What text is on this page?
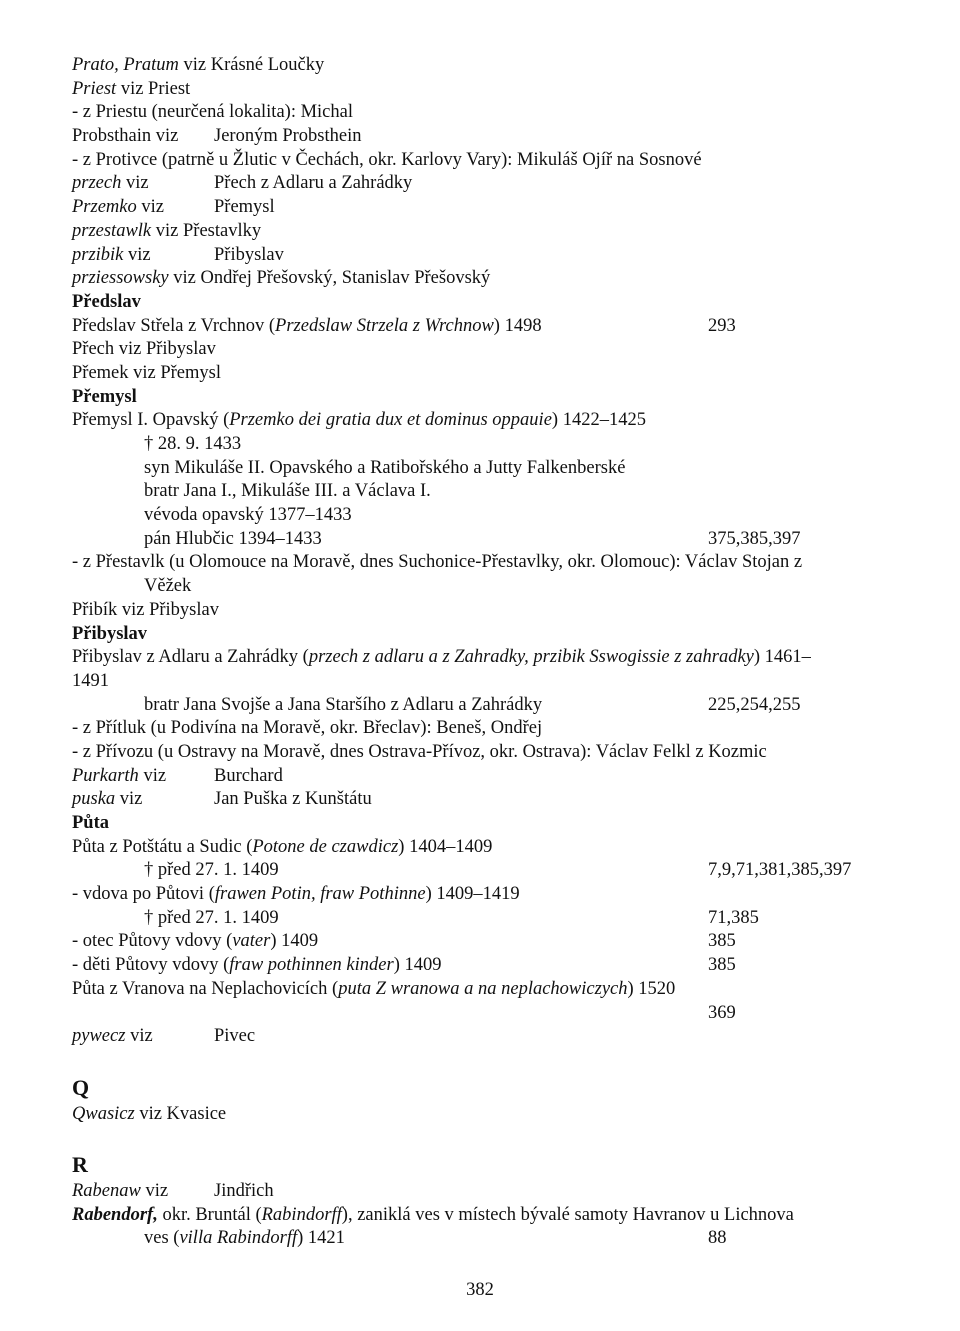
Prato, Pratum viz Krásné Loučky
Priest viz Priest
- z Priestu (neurčená lokalita): Michal
Probsthain viz Jeroným Probsthein
- z Protivce (patrně u Žlutic v Čechách, okr. Karlovy Vary): Mikuláš Ojíř na Sosnové
przech viz	Přech z Adlaru a Zahrádky
Przemko viz	Přemysl
przestawlk viz Přestavlky
przibik viz	Přibyslav
prziessowsky viz Ondřej Přešovský, Stanislav Přešovský
Předslav
Předslav Střela z Vrchnov (Przedslaw Strzela z Wrchnow) 1498	293
Přech viz Přibyslav
Přemek viz Přemysl
Přemysl
Přemysl I. Opavský (Przemko dei gratia dux et dominus oppauie) 1422–1425
† 28. 9. 1433
syn Mikuláše II. Opavského a Ratibořského a Jutty Falkenberské
bratr Jana I., Mikuláše III. a Václava I.
vévoda opavský 1377–1433
pán Hlubčic 1394–1433	375,385,397
- z Přestavlk (u Olomouce na Moravě, dnes Suchonice-Přestavlky, okr. Olomouc): Václav Stojan z
Věžek
Přibík viz Přibyslav
Přibyslav
Přibyslav z Adlaru a Zahrádky (przech z adlaru a z Zahradky, przibik Sswogissie z zahradky) 1461–
1491
bratr Jana Svojše a Jana Staršího z Adlaru a Zahrádky	225,254,255
- z Přítluk (u Podivína na Moravě, okr. Břeclav): Beneš, Ondřej
- z Přívozu (u Ostravy na Moravě, dnes Ostrava-Přívoz, okr. Ostrava): Václav Felkl z Kozmic
Purkarth viz	Burchard
puska viz	Jan Puška z Kunštátu
Půta
Půta z Potštátu a Sudic (Potone de czawdicz) 1404–1409
† před 27. 1. 1409	7,9,71,381,385,397
- vdova po Půtovi (frawen Potin, fraw Pothinne) 1409–1419
† před 27. 1. 1409	71,385
- otec Půtovy vdovy (vater) 1409	385
- děti Půtovy vdovy (fraw pothinnen kinder) 1409	385
Půta z Vranova na Neplachovicích (puta Z wranowa a na neplachowiczych) 1520
369
pywecz viz	Pivec
Q
Qwasicz viz Kvasice
R
Rabenaw viz Jindřich
Rabendorf, okr. Bruntál (Rabindorff), zaniklá ves v místech bývalé samoty Havranov u Lichnova
ves (villa Rabindorff) 1421	88
382
